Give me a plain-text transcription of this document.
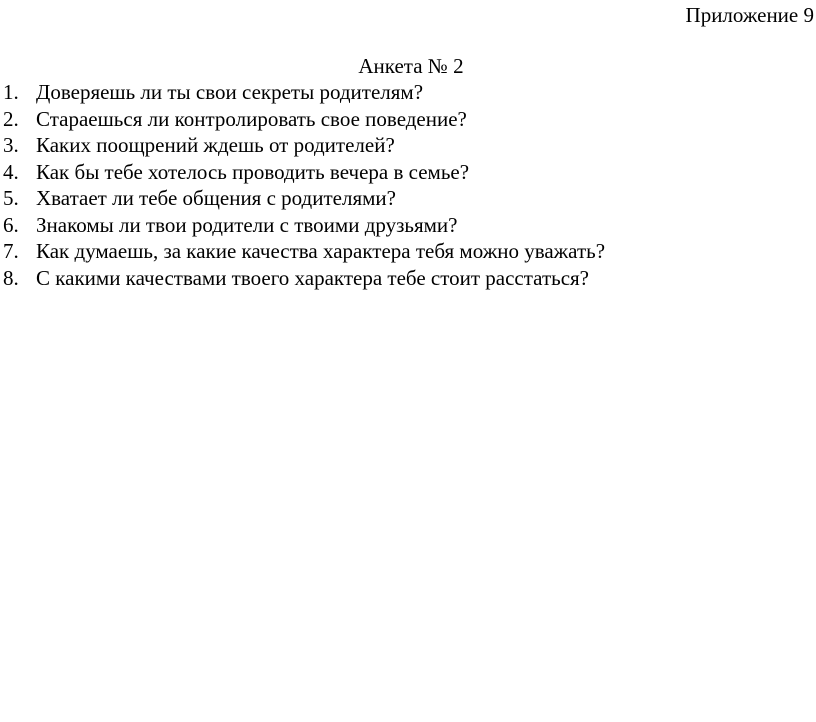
Приложение 9
Анкета № 2
1. Доверяешь ли ты свои секреты родителям?
2. Стараешься ли контролировать свое поведение?
3. Каких поощрений ждешь от родителей?
4. Как бы тебе хотелось проводить вечера в семье?
5. Хватает ли тебе общения с родителями?
6. Знакомы ли твои родители с твоими друзьями?
7. Как думаешь, за какие качества характера тебя можно уважать?
8. С какими качествами твоего характера тебе стоит расстаться?
